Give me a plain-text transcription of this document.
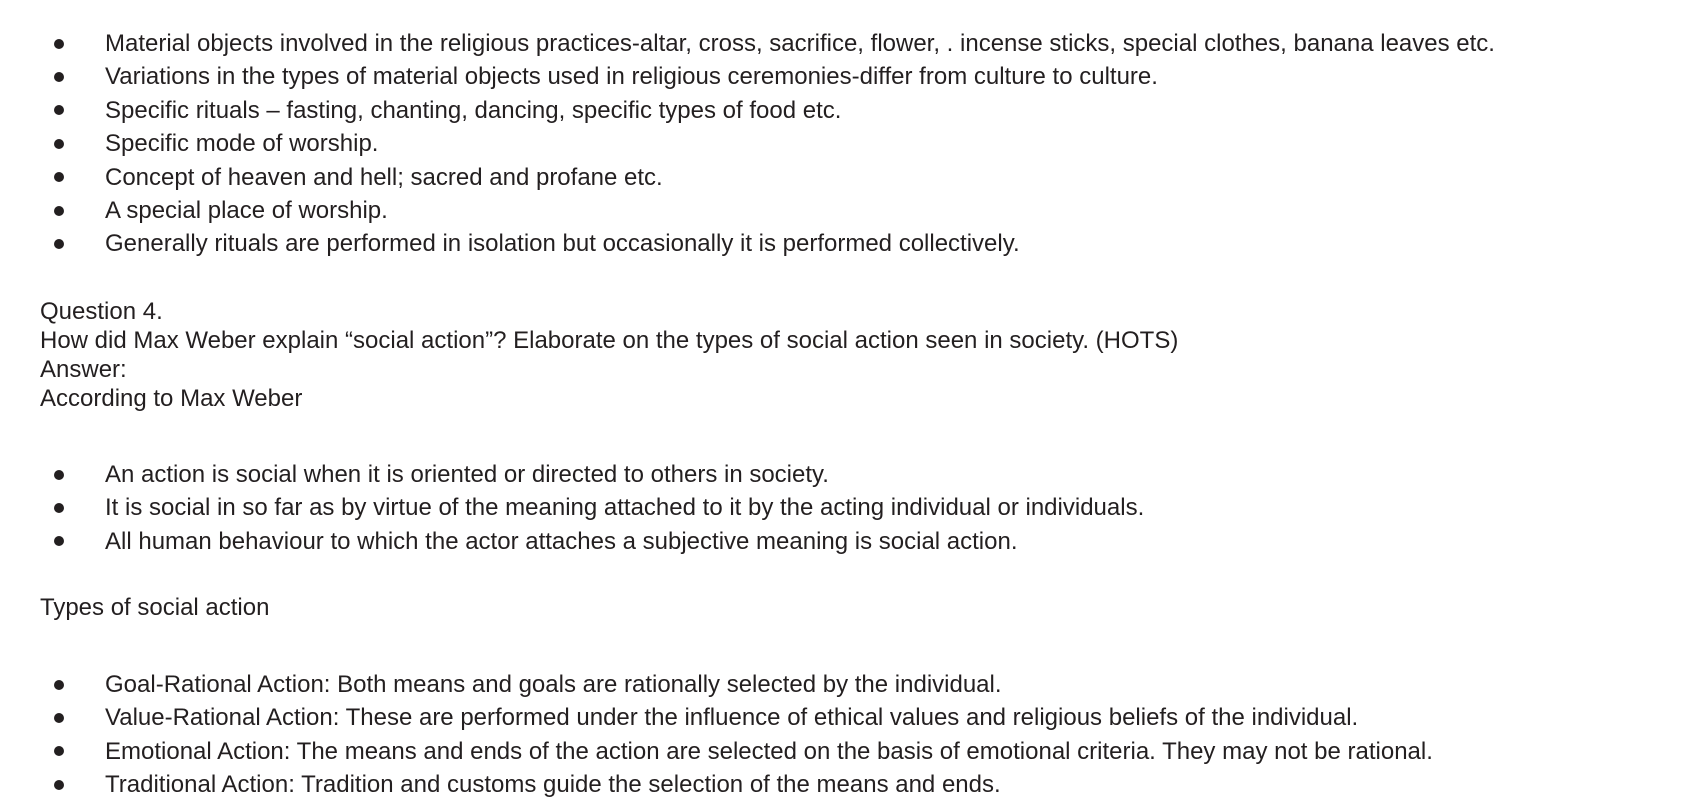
Material objects involved in the religious practices-altar, cross, sacrifice, flower, . incense sticks, special clothes, banana leaves etc.
Variations in the types of material objects used in religious ceremonies-differ from culture to culture.
Specific rituals – fasting, chanting, dancing, specific types of food etc.
Specific mode of worship.
Concept of heaven and hell; sacred and profane etc.
A special place of worship.
Generally rituals are performed in isolation but occasionally it is performed collectively.
Question 4.
How did Max Weber explain “social action”? Elaborate on the types of social action seen in society. (HOTS)
Answer:
According to Max Weber
An action is social when it is oriented or directed to others in society.
It is social in so far as by virtue of the meaning attached to it by the acting individual or individuals.
All human behaviour to which the actor attaches a subjective meaning is social action.
Types of social action
Goal-Rational Action: Both means and goals are rationally selected by the individual.
Value-Rational Action: These are performed under the influence of ethical values and religious beliefs of the individual.
Emotional Action: The means and ends of the action are selected on the basis of emotional criteria. They may not be rational.
Traditional Action: Tradition and customs guide the selection of the means and ends.
